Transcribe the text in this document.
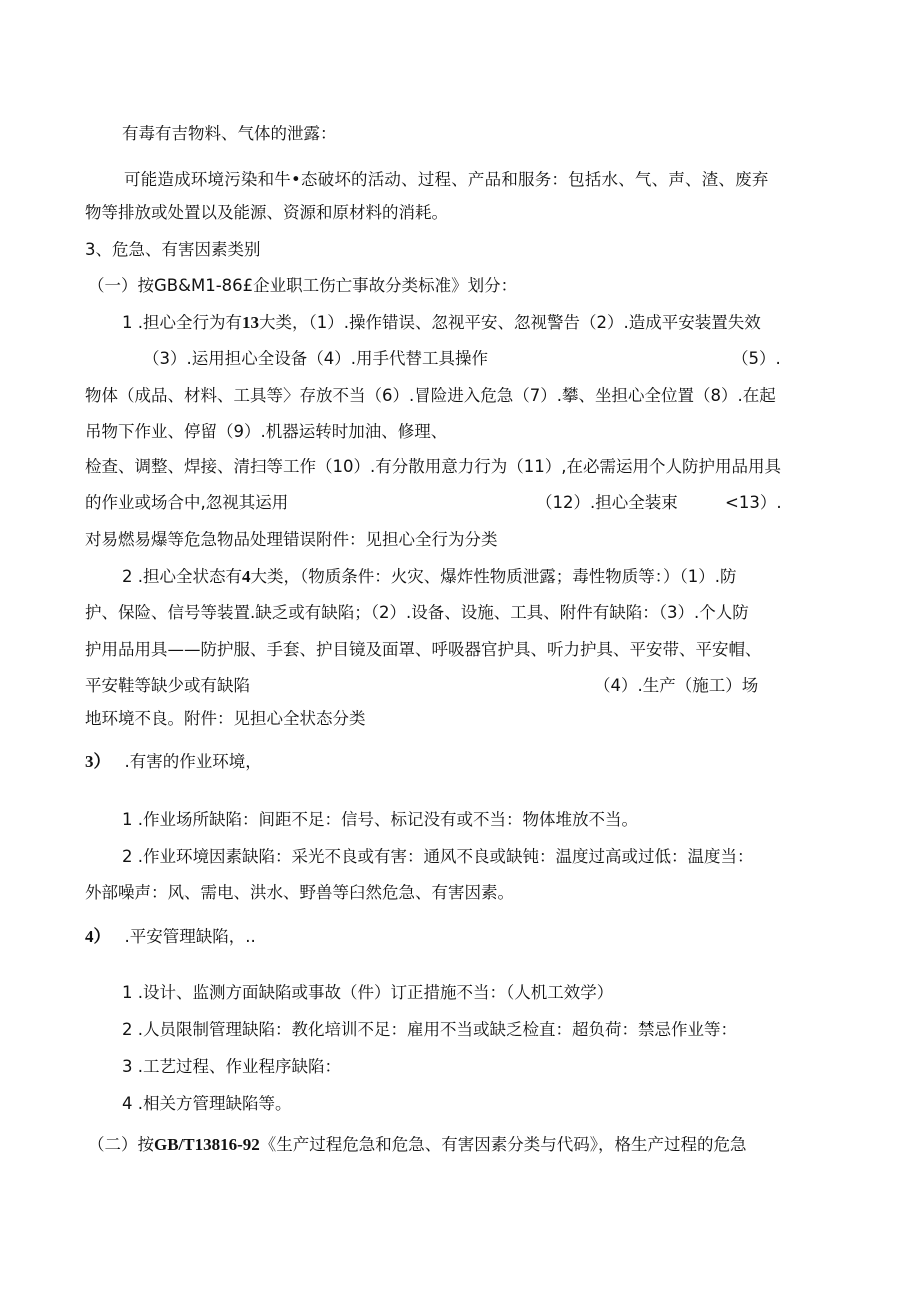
有毒有吉物料、气体的泄露：
可能造成环境污染和牛•态破坏的活动、过程、产品和服务：包括水、气、声、渣、废弃
物等排放或处置以及能源、资源和原材料的消耗。
3、危急、有害因素类别
（一）按GB&M1-86£企业职工伤亡事故分类标准》划分：
1 .担心全行为有13大类，（1）.操作错误、忽视平安、忽视警告（2）.造成平安装置失效
（3）.运用担心全设备（4）.用手代替工具操作	（5）.
物体（成品、材料、工具等〉存放不当（6）.冒险进入危急（7）.攀、坐担心全位置（8）.在起
吊物下作业、停留（9）.机器运转时加油、修理、
检查、调整、焊接、清扫等工作（10）.有分散用意力行为（11）,在必需运用个人防护用品用具
的作业或场合中,忽视其运用	（12）.担心全装束	<13）.
对易燃易爆等危急物品处理错误附件：见担心全行为分类
2 .担心全状态有4大类，（物质条件：火灾、爆炸性物质泄露；毒性物质等：）（1）.防
护、保险、信号等装置.缺乏或有缺陷；（2）.设备、设施、工具、附件有缺陷：（3）.个人防
护用品用具——防护服、手套、护目镜及面罩、呼吸器官护具、听力护具、平安带、平安帽、
平安鞋等缺少或有缺陷	（4）.生产（施工）场
地环境不良。附件：见担心全状态分类
3） .有害的作业环境，
1 .作业场所缺陷：间距不足：信号、标记没有或不当：物体堆放不当。
2 .作业环境因素缺陷：采光不良或有害：通风不良或缺钝：温度过高或过低：温度当：
外部噪声：风、需电、洪水、野兽等臼然危急、有害因素。
4） .平安管理缺陷，..
1 .设计、监测方面缺陷或事故（件）订正措施不当：（人机工效学）
2 .人员限制管理缺陷：教化培训不足：雇用不当或缺乏检直：超负荷：禁忌作业等：
3 .工艺过程、作业程序缺陷：
4 .相关方管理缺陷等。
（二）按GB/T13816-92《生产过程危急和危急、有害因素分类与代码》，格生产过程的危急
